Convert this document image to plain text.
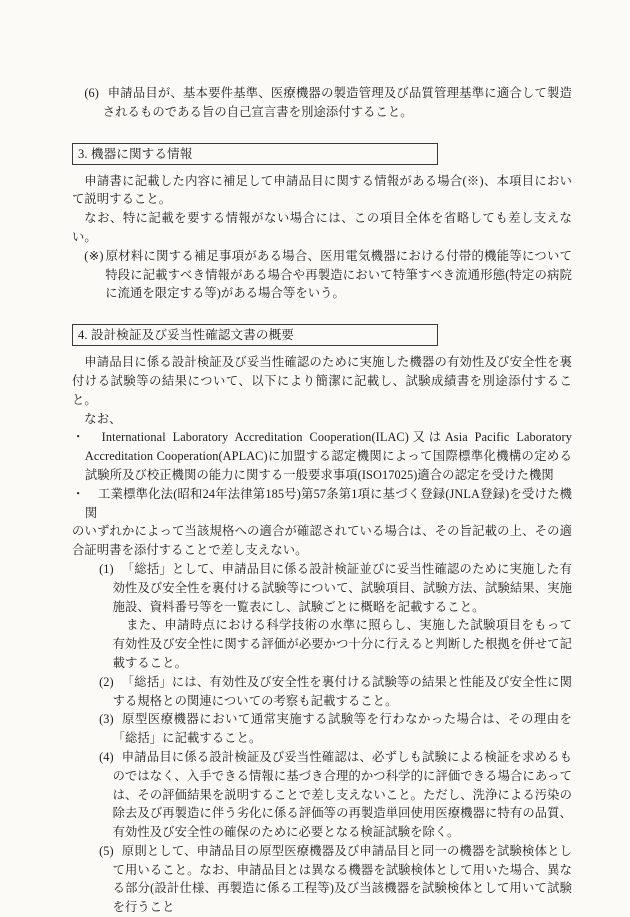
(6) 申請品目が、基本要件基準、医療機器の製造管理及び品質管理基準に適合して製造されるものである旨の自己宣言書を別途添付すること。

3. 機器に関する情報

申請書に記載した内容に補足して申請品目に関する情報がある場合(※)、本項目において説明すること。

なお、特に記載を要する情報がない場合には、この項目全体を省略しても差し支えない。

(※) 原材料に関する補足事項がある場合、医用電気機器における付帯的機能等について特段に記載すべき情報がある場合や再製造において特筆すべき流通形態(特定の病院に流通を限定する等)がある場合等をいう。

4. 設計検証及び妥当性確認文書の概要

申請品目に係る設計検証及び妥当性確認のために実施した機器の有効性及び安全性を裏付ける試験等の結果について、以下により簡潔に記載し、試験成績書を別途添付すること。

なお、

・ International Laboratory Accreditation Cooperation(ILAC)又はAsia Pacific Laboratory Accreditation Cooperation(APLAC)に加盟する認定機関によって国際標準化機構の定める試験所及び校正機関の能力に関する一般要求事項(ISO17025)適合の認定を受けた機関

・ 工業標準化法(昭和24年法律第185号)第57条第1項に基づく登録(JNLA登録)を受けた機関

のいずれかによって当該規格への適合が確認されている場合は、その旨記載の上、その適合証明書を添付することで差し支えない。

(1) 「総括」として、申請品目に係る設計検証並びに妥当性確認のために実施した有効性及び安全性を裏付ける試験等について、試験項目、試験方法、試験結果、実施施設、資料番号等を一覧表にし、試験ごとに概略を記載すること。

また、申請時点における科学技術の水準に照らし、実施した試験項目をもって有効性及び安全性に関する評価が必要かつ十分に行えると判断した根拠を併せて記載すること。

(2) 「総括」には、有効性及び安全性を裏付ける試験等の結果と性能及び安全性に関する規格との関連についての考察も記載すること。

(3) 原型医療機器において通常実施する試験等を行わなかった場合は、その理由を「総括」に記載すること。

(4) 申請品目に係る設計検証及び妥当性確認は、必ずしも試験による検証を求めるものではなく、入手できる情報に基づき合理的かつ科学的に評価できる場合にあっては、その評価結果を説明することで差し支えないこと。ただし、洗浄による汚染の除去及び再製造に伴う劣化に係る評価等の再製造単回使用医療機器に特有の品質、有効性及び安全性の確保のために必要となる検証試験を除く。

(5) 原則として、申請品目の原型医療機器及び申請品目と同一の機器を試験検体として用いること。なお、申請品目とは異なる機器を試験検体として用いた場合、異なる部分(設計仕様、再製造に係る工程等)及び当該機器を試験検体として用いて試験を行うこと
